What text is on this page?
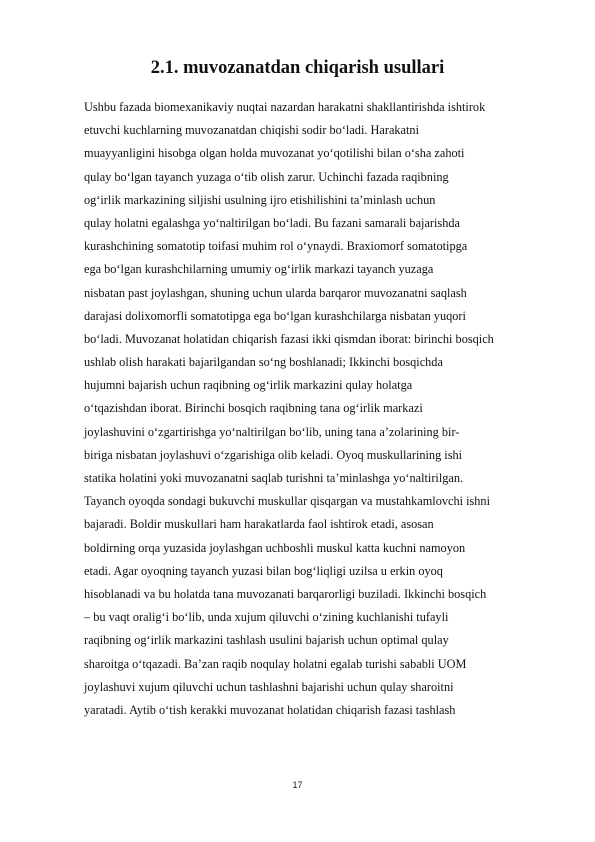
2.1. muvozanatdan chiqarish usullari
Ushbu fazada biomexanikaviy nuqtai nazardan harakatni shakllantirishda ishtirok
etuvchi kuchlarning muvozanatdan chiqishi sodir bo‘ladi. Harakatni
muayyanligini hisobga olgan holda muvozanat yo‘qotilishi bilan o‘sha zahoti
qulay bo‘lgan tayanch yuzaga o‘tib olish zarur. Uchinchi fazada raqibning
og‘irlik markazining siljishi usulning ijro etishilishini ta’minlash uchun
qulay holatni egalashga yo‘naltirilgan bo‘ladi. Bu fazani samarali bajarishda
kurashchining somatotip toifasi muhim rol o‘ynaydi. Braxiomorf somatotipga
ega bo‘lgan kurashchilarning umumiy og‘irlik markazi tayanch yuzaga
nisbatan past joylashgan, shuning uchun ularda barqaror muvozanatni saqlash
darajasi dolixomorfli somatotipga ega bo‘lgan kurashchilarga nisbatan yuqori
bo‘ladi. Muvozanat holatidan chiqarish fazasi ikki qismdan iborat: birinchi bosqich
ushlab olish harakati bajarilgandan so‘ng boshlanadi; Ikkinchi bosqichda
hujumni bajarish uchun raqibning og‘irlik markazini qulay holatga
o‘tqazishdan iborat. Birinchi bosqich raqibning tana og‘irlik markazi
joylashuvini o‘zgartirishga yo‘naltirilgan bo‘lib, uning tana a’zolarining bir-
biriga nisbatan joylashuvi o‘zgarishiga olib keladi. Oyoq muskullarining ishi
statika holatini yoki muvozanatni saqlab turishni ta’minlashga yo‘naltirilgan.
Tayanch oyoqda sondagi bukuvchi muskullar qisqargan va mustahkamlovchi ishni
bajaradi. Boldir muskullari ham harakatlarda faol ishtirok etadi, asosan
boldirning orqa yuzasida joylashgan uchboshli muskul katta kuchni namoyon
etadi. Agar oyoqning tayanch yuzasi bilan bog‘liqligi uzilsa u erkin oyoq
hisoblanadi va bu holatda tana muvozanati barqarorligi buziladi. Ikkinchi bosqich
– bu vaqt oralig‘i bo‘lib, unda xujum qiluvchi o‘zining kuchlanishi tufayli
raqibning og‘irlik markazini tashlash usulini bajarish uchun optimal qulay
sharoitga o‘tqazadi. Ba’zan raqib noqulay holatni egalab turishi sababli UOM
joylashuvi xujum qiluvchi uchun tashlashni bajarishi uchun qulay sharoitni
yaratadi. Aytib o‘tish kerakki muvozanat holatidan chiqarish fazasi tashlash
17
